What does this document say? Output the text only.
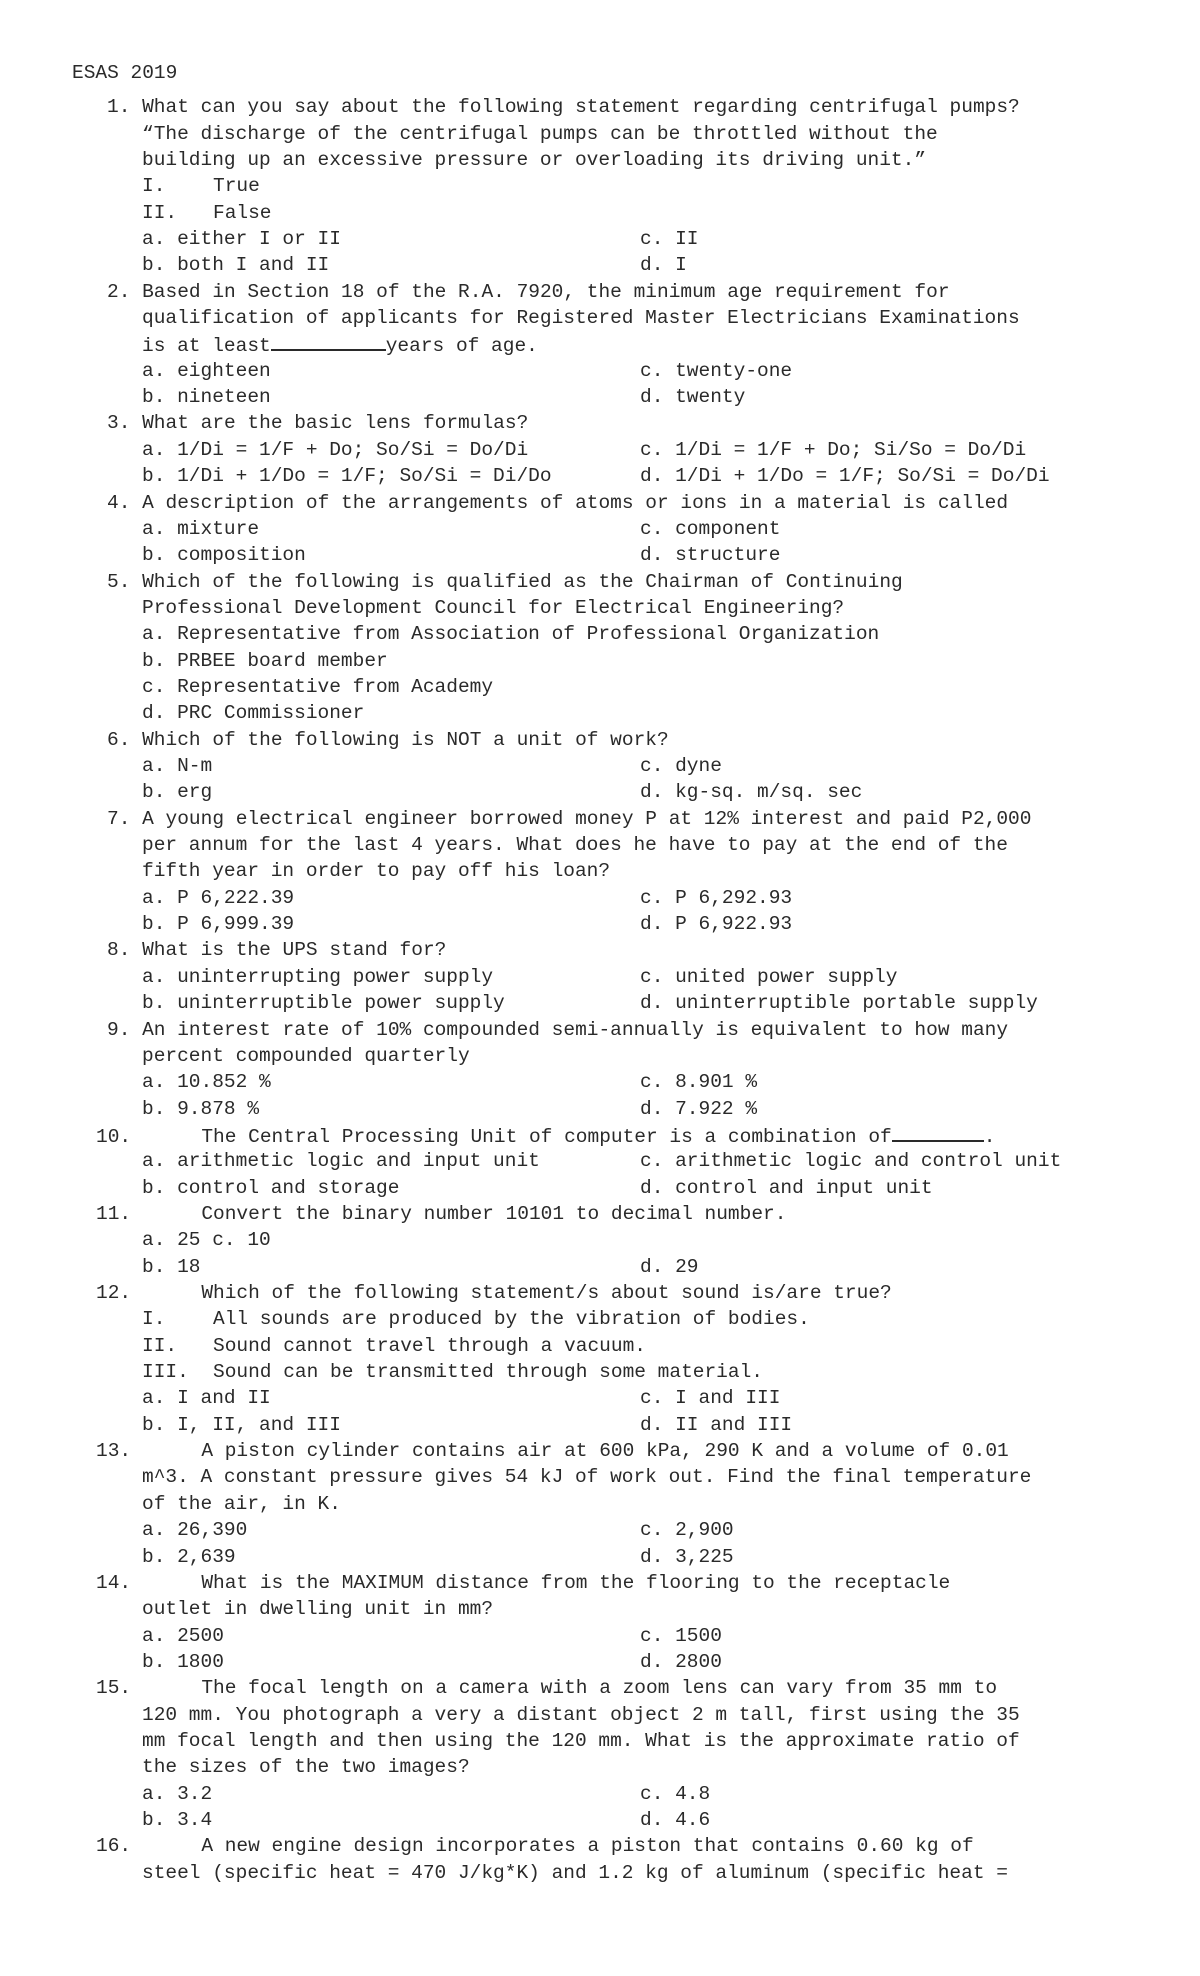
ESAS 2019
1. What can you say about the following statement regarding centrifugal pumps?
“The discharge of the centrifugal pumps can be throttled without the
building up an excessive pressure or overloading its driving unit.”
I. True
II. False
a. either I or II	c. II
b. both I and II	d. I
2. Based in Section 18 of the R.A. 7920, the minimum age requirement for
qualification of applicants for Registered Master Electricians Examinations
is at least	years of age.
a. eighteen	c. twenty-one
b. nineteen	d. twenty
3. What are the basic lens formulas?
a. 1/Di = 1/F + Do; So/Si = Do/Di	c. 1/Di = 1/F + Do; Si/So = Do/Di
b. 1/Di + 1/Do = 1/F; So/Si = Di/Do	d. 1/Di + 1/Do = 1/F; So/Si = Do/Di
4. A description of the arrangements of atoms or ions in a material is called
a. mixture	c. component
b. composition	d. structure
5. Which of the following is qualified as the Chairman of Continuing
Professional Development Council for Electrical Engineering?
a. Representative from Association of Professional Organization
b. PRBEE board member
c. Representative from Academy
d. PRC Commissioner
6. Which of the following is NOT a unit of work?
a. N-m	c. dyne
b. erg	d. kg-sq. m/sq. sec
7. A young electrical engineer borrowed money P at 12% interest and paid P2,000
per annum for the last 4 years. What does he have to pay at the end of the
fifth year in order to pay off his loan?
a. P 6,222.39	c. P 6,292.93
b. P 6,999.39	d. P 6,922.93
8. What is the UPS stand for?
a. uninterrupting power supply	c. united power supply
b. uninterruptible power supply	d. uninterruptible portable supply
9. An interest rate of 10% compounded semi-annually is equivalent to how many
percent compounded quarterly
a. 10.852 %	c. 8.901 %
b. 9.878 %	d. 7.922 %
10.	The Central Processing Unit of computer is a combination of	.
a. arithmetic logic and input unit	c. arithmetic logic and control unit
b. control and storage	d. control and input unit
11.	Convert the binary number 10101 to decimal number.
a. 25 c. 10
b. 18	d. 29
12.	Which of the following statement/s about sound is/are true?
I. All sounds are produced by the vibration of bodies.
II. Sound cannot travel through a vacuum.
III. Sound can be transmitted through some material.
a. I and II	c. I and III
b. I, II, and III	d. II and III
13.	A piston cylinder contains air at 600 kPa, 290 K and a volume of 0.01
m^3. A constant pressure gives 54 kJ of work out. Find the final temperature
of the air, in K.
a. 26,390	c. 2,900
b. 2,639	d. 3,225
14.	What is the MAXIMUM distance from the flooring to the receptacle
outlet in dwelling unit in mm?
a. 2500	c. 1500
b. 1800	d. 2800
15.	The focal length on a camera with a zoom lens can vary from 35 mm to
120 mm. You photograph a very a distant object 2 m tall, first using the 35
mm focal length and then using the 120 mm. What is the approximate ratio of
the sizes of the two images?
a. 3.2	c. 4.8
b. 3.4	d. 4.6
16.	A new engine design incorporates a piston that contains 0.60 kg of
steel (specific heat = 470 J/kg*K) and 1.2 kg of aluminum (specific heat =
